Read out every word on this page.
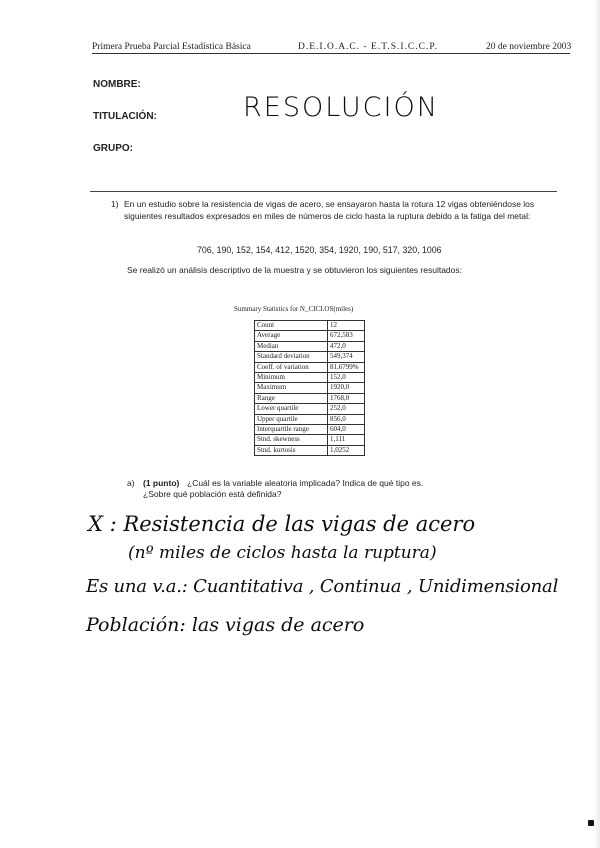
Primera Prueba Parcial Estadística Básica	D.E.I.O.A.C. - E.T.S.I.C.C.P.	20 de noviembre 2003
NOMBRE:
TITULACIÓN:
GRUPO:
RESOLUCIÓN
1) En un estudio sobre la resistencia de vigas de acero, se ensayaron hasta la rotura 12 vigas obteniéndose los siguientes resultados expresados en miles de números de ciclo hasta la ruptura debido a la fatiga del metal:
706, 190, 152, 154, 412, 1520, 354, 1920, 190, 517, 320, 1006
Se realizó un análisis descriptivo de la muestra y se obtuvieron los siguientes resultados:
Summary Statistics for N_CICLOS(miles)
Count	12
Average	672,583
Median	472,0
Standard deviation	549,374
Coeff. of variation	81,6799%
Minimum	152,0
Maximum	1920,0
Range	1768,0
Lower quartile	252,0
Upper quartile	856,0
Interquartile range	604,0
Stnd. skewness	1,111
Stnd. kurtosis	1,0252
a) (1 punto) ¿Cuál es la variable aleatoria implicada? Indica de qué tipo es.
¿Sobre qué población está definida?
X : Resistencia de las vigas de acero
(nº miles de ciclos hasta la ruptura)
Es una v.a.: Cuantitativa , Continua , Unidimensional
Población: las vigas de acero
